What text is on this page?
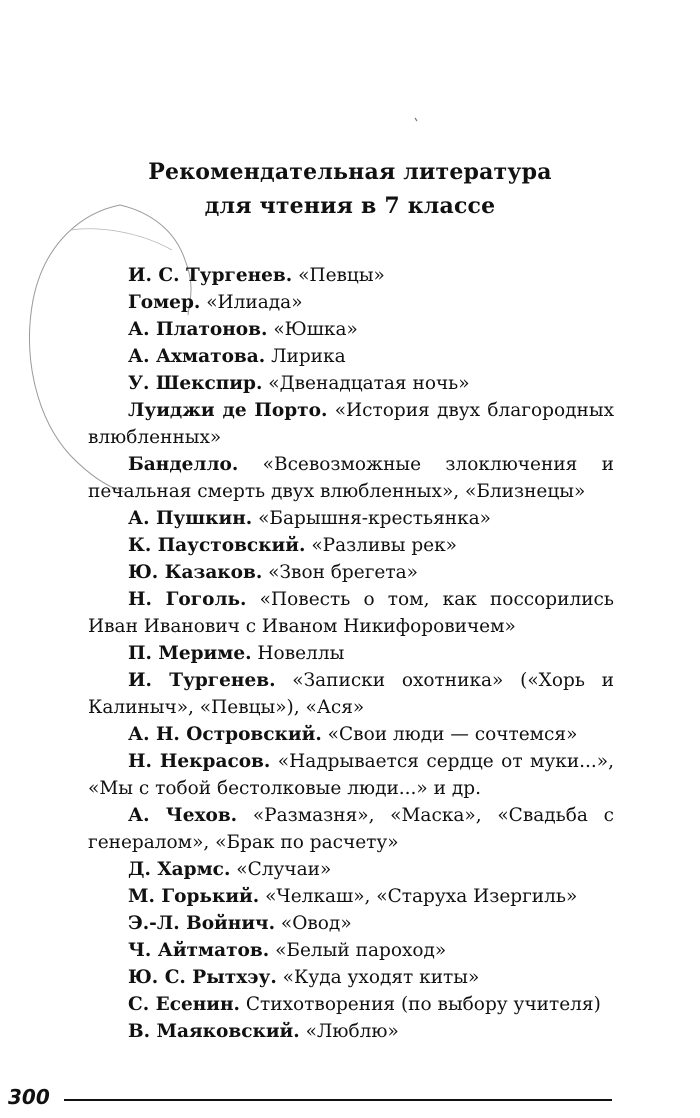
Рекомендательная литература
для чтения в 7 классе
И. С. Тургенев. «Певцы»
Гомер. «Илиада»
А. Платонов. «Юшка»
А. Ахматова. Лирика
У. Шекспир. «Двенадцатая ночь»
Луиджи де Порто. «История двух благородных влюбленных»
Банделло. «Всевозможные злоключения и печальная смерть двух влюбленных», «Близнецы»
А. Пушкин. «Барышня-крестьянка»
К. Паустовский. «Разливы рек»
Ю. Казаков. «Звон брегета»
Н. Гоголь. «Повесть о том, как поссорились Иван Иванович с Иваном Никифоровичем»
П. Мериме. Новеллы
И. Тургенев. «Записки охотника» («Хорь и Калиныч», «Певцы»), «Ася»
А. Н. Островский. «Свои люди — сочтемся»
Н. Некрасов. «Надрывается сердце от муки...», «Мы с тобой бестолковые люди...» и др.
А. Чехов. «Размазня», «Маска», «Свадьба с генералом», «Брак по расчету»
Д. Хармс. «Случаи»
М. Горький. «Челкаш», «Старуха Изергиль»
Э.-Л. Войнич. «Овод»
Ч. Айтматов. «Белый пароход»
Ю. С. Рытхэу. «Куда уходят киты»
С. Есенин. Стихотворения (по выбору учителя)
В. Маяковский. «Люблю»
300
